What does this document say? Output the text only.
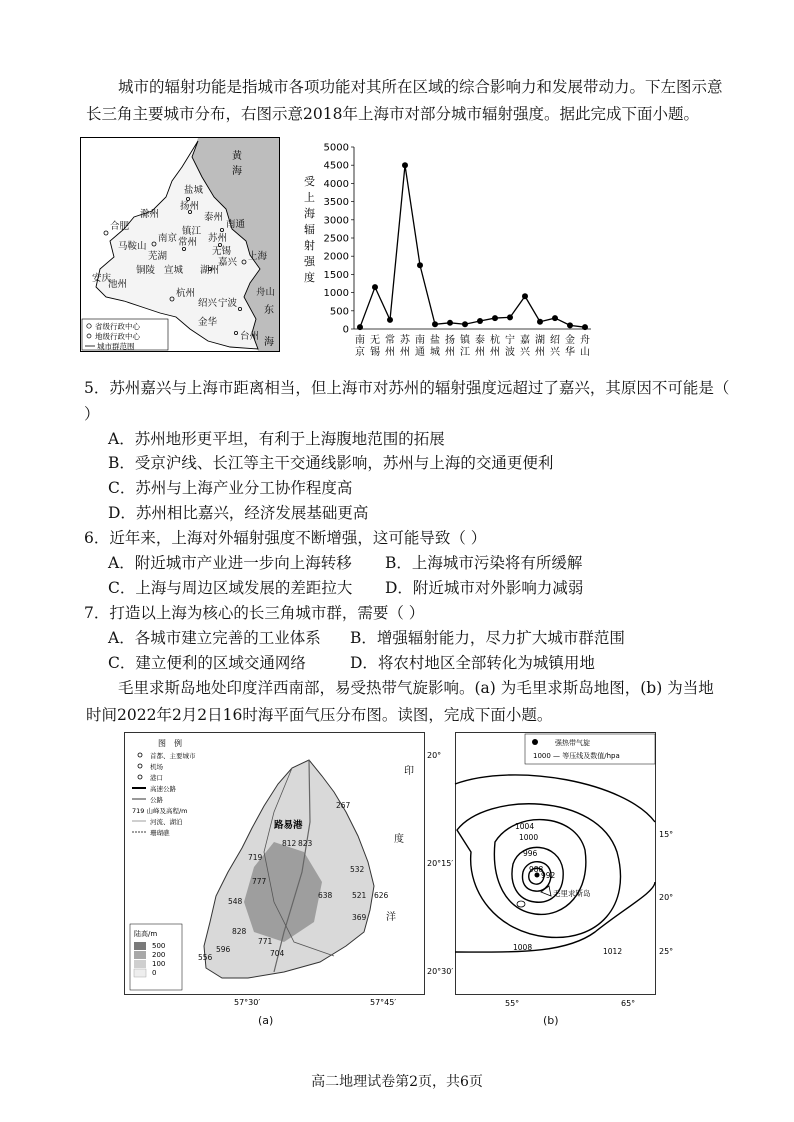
城市的辐射功能是指城市各项功能对其所在区域的综合影响力和发展带动力。下左图示意长三角主要城市分布，右图示意2018年上海市对部分城市辐射强度。据此完成下面小题。

黄
海
东
海
盐城
扬州
泰州
滁州
南通
镇江
合肥
常州 苏州
马鞍山
南京
芜湖	无锡 上海
安庆
铜陵 宣城 湖州
嘉兴
舟山
池州
杭州
绍兴 宁波
金华
台州
省级行政中心
地级行政中心
城市群范围
0
500
1000
1500
2000
2500
3000
3500
4000
4500
5000
受
上
海
辐
射
强
度
南
京
无
锡
常
州
苏
州
南
通
盐
城
扬
州
镇
江
泰
州
杭
州
宁
波
嘉
兴
湖
州
绍
兴
金
华
舟
山

5．苏州嘉兴与上海市距离相当，但上海市对苏州的辐射强度远超过了嘉兴，其原因不可能是（ ）

A．苏州地形更平坦，有利于上海腹地范围的拓展
B．受京沪线、长江等主干交通线影响，苏州与上海的交通更便利
C．苏州与上海产业分工协作程度高
D．苏州相比嘉兴，经济发展基础更高
6．近年来，上海对外辐射强度不断增强，这可能导致（ ）
A．附近城市产业进一步向上海转移 B．上海城市污染将有所缓解
C．上海与周边区域发展的差距拉大 D．附近城市对外影响力减弱
7．打造以上海为核心的长三角城市群，需要（ ）
A．各城市建立完善的工业体系 B．增强辐射能力，尽力扩大城市群范围
C．建立便利的区域交通网络	D．将农村地区全部转化为城镇用地

毛里求斯岛地处印度洋西南部，易受热带气旋影响。(a) 为毛里求斯岛地图，(b) 为当地时间2022年2月2日16时海平面气压分布图。读图，完成下面小题。

图　例
首都、主要城市
机场
港口
高速公路
公路
719 山峰及高程/m
河流、湖泊
珊瑚礁
路易港
267
812 823
719
532
777
638	521 626
548
369
828
596
771
704
556
印
度
洋
20°
20°15′
20°30′
57°30′	57°45′
陆高/m
500
200
100
0
(a)
强热带气旋
1000 — 等压线及数值/hpa
1004
1000
996
988
992
1008	1012
毛里求斯岛
15°
20°
25°
55°	65°
(b)
高二地理试卷第2页，共6页
